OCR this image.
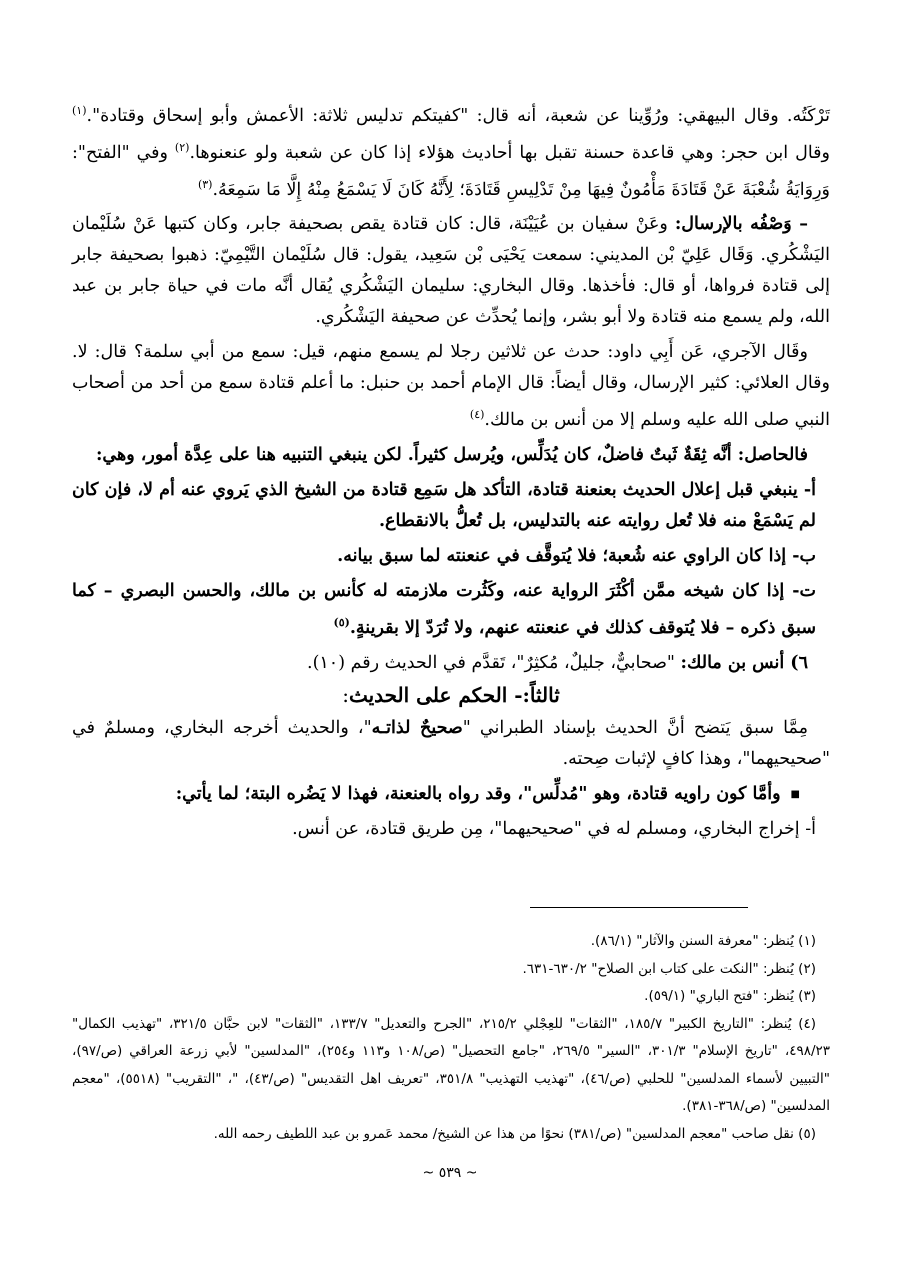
تَرْكَتُه. وقال البيهقي: ورُوِّينا عن شعبة، أنه قال: "كفيتكم تدليس ثلاثة: الأعمش وأبو إسحاق وقتادة".$^{(١)}$ وقال ابن حجر: وهي قاعدة حسنة تقبل بها أحاديث هؤلاء إذا كان عن شعبة ولو عنعنوها.$^{(٢)}$ وفي "الفتح": وَرِوَايَةُ شُعْبَةَ عَنْ قَتَادَةَ مَأْمُونٌ فِيهَا مِنْ تَدْلِيسِ قَتَادَةَ؛ لِأَنَّهُ كَانَ لَا يَسْمَعُ مِنْهُ إِلَّا مَا سَمِعَهُ.$^{(٣)}$

– وَصْفُه بالإرسال: وعَنْ سفيان بن عُيَيْنَة، قال: كان قتادة يقص بصحيفة جابر، وكان كتبها عَنْ سُلَيْمان اليَشْكُري. وَقَال عَلِيّ بْن المديني: سمعت يَحْيَى بْن سَعِيد، يقول: قال سُلَيْمان التَّيْمِيّ: ذهبوا بصحيفة جابر إلى قتادة فرواها، أو قال: فأخذها. وقال البخاري: سليمان اليَشْكُري يُقال أنَّه مات في حياة جابر بن عبد الله، ولم يسمع منه قتادة ولا أبو بشر، وإنما يُحدِّث عن صحيفة اليَشْكُري.

وقَال الآجري، عَن أَبِي داود: حدث عن ثلاثين رجلا لم يسمع منهم، قيل: سمع من أبي سلمة؟ قال: لا. وقال العلائي: كثير الإرسال، وقال أيضاً: قال الإمام أحمد بن حنبل: ما أعلم قتادة سمع من أحد من أصحاب النبي صلى الله عليه وسلم إلا من أنس بن مالك.$^{(٤)}$

فالحاصل: أنَّه ثِقَةٌ ثَبتٌ فاضلٌ، كان يُدَلِّس، ويُرسل كثيراً. لكن ينبغي التنبيه هنا على عِدَّة أمور، وهي:

أ- ينبغي قبل إعلال الحديث بعنعنة قتادة، التأكد هل سَمِع قتادة من الشيخ الذي يَروي عنه أم لا، فإن كان لم يَسْمَعْ منه فلا تُعل روايته عنه بالتدليس، بل تُعلُّ بالانقطاع.

ب- إذا كان الراوي عنه شُعبة؛ فلا يُتوقَّف في عنعنته لما سبق بيانه.

ت- إذا كان شيخه ممَّن أكْثَرَ الرواية عنه، وكَثُرت ملازمته له كأنس بن مالك، والحسن البصري – كما سبق ذكره – فلا يُتوقف كذلك في عنعنته عنهم، ولا تُرَدّ إلا بقرينةٍ.$^{(٥)}$

٦) أنس بن مالك: "صحابيٌّ، جليلٌ، مُكثِرٌ"، تَقدَّم في الحديث رقم (١٠).

ثالثاً:- الحكم على الحديث:

مِمَّا سبق يَتضح أنَّ الحديث بإسناد الطبراني "صحيحٌ لذاتـه"، والحديث أخرجه البخاري، ومسلمٌ في "صحيحيهما"، وهذا كافٍ لإثبات صِحته.

■ وأمَّا كون راويه قتادة، وهو "مُدلِّس"، وقد رواه بالعنعنة، فهذا لا يَضُره البتة؛ لما يأتي:

أ- إخراج البخاري، ومسلم له في "صحيحيهما"، مِن طريق قتادة، عن أنس.

(١) يُنظر: "معرفة السنن والآثار" (٨٦/١).

(٢) يُنظر: "النكت على كتاب ابن الصلاح" ٦٣٠/٢-٦٣١.

(٣) يُنظر: "فتح الباري" (٥٩/١).

(٤) يُنظر: "التاريخ الكبير" ١٨٥/٧، "الثقات" للعِجْلي ٢١٥/٢، "الجرح والتعديل" ١٣٣/٧، "الثقات" لابن حبَّان ٣٢١/٥، "تهذيب الكمال" ٤٩٨/٢٣، "تاريخ الإسلام" ٣٠١/٣، "السير" ٢٦٩/٥، "جامع التحصيل" (ص/١٠٨ و١١٣ و٢٥٤)، "المدلسين" لأبي زرعة العراقي (ص/٩٧)، "التبيين لأسماء المدلسين" للحلبي (ص/٤٦)، "تهذيب التهذيب" ٣٥١/٨، "تعريف اهل التقديس" (ص/٤٣)، "، "التقريب" (٥٥١٨)، "معجم المدلسين" (ص/٣٦٨-٣٨١).

(٥) نقل صاحب "معجم المدلسين" (ص/٣٨١) نحوًا من هذا عن الشيخ/ محمد عَمرو بن عبد اللطيف رحمه الله.

~ ٥٣٩ ~
